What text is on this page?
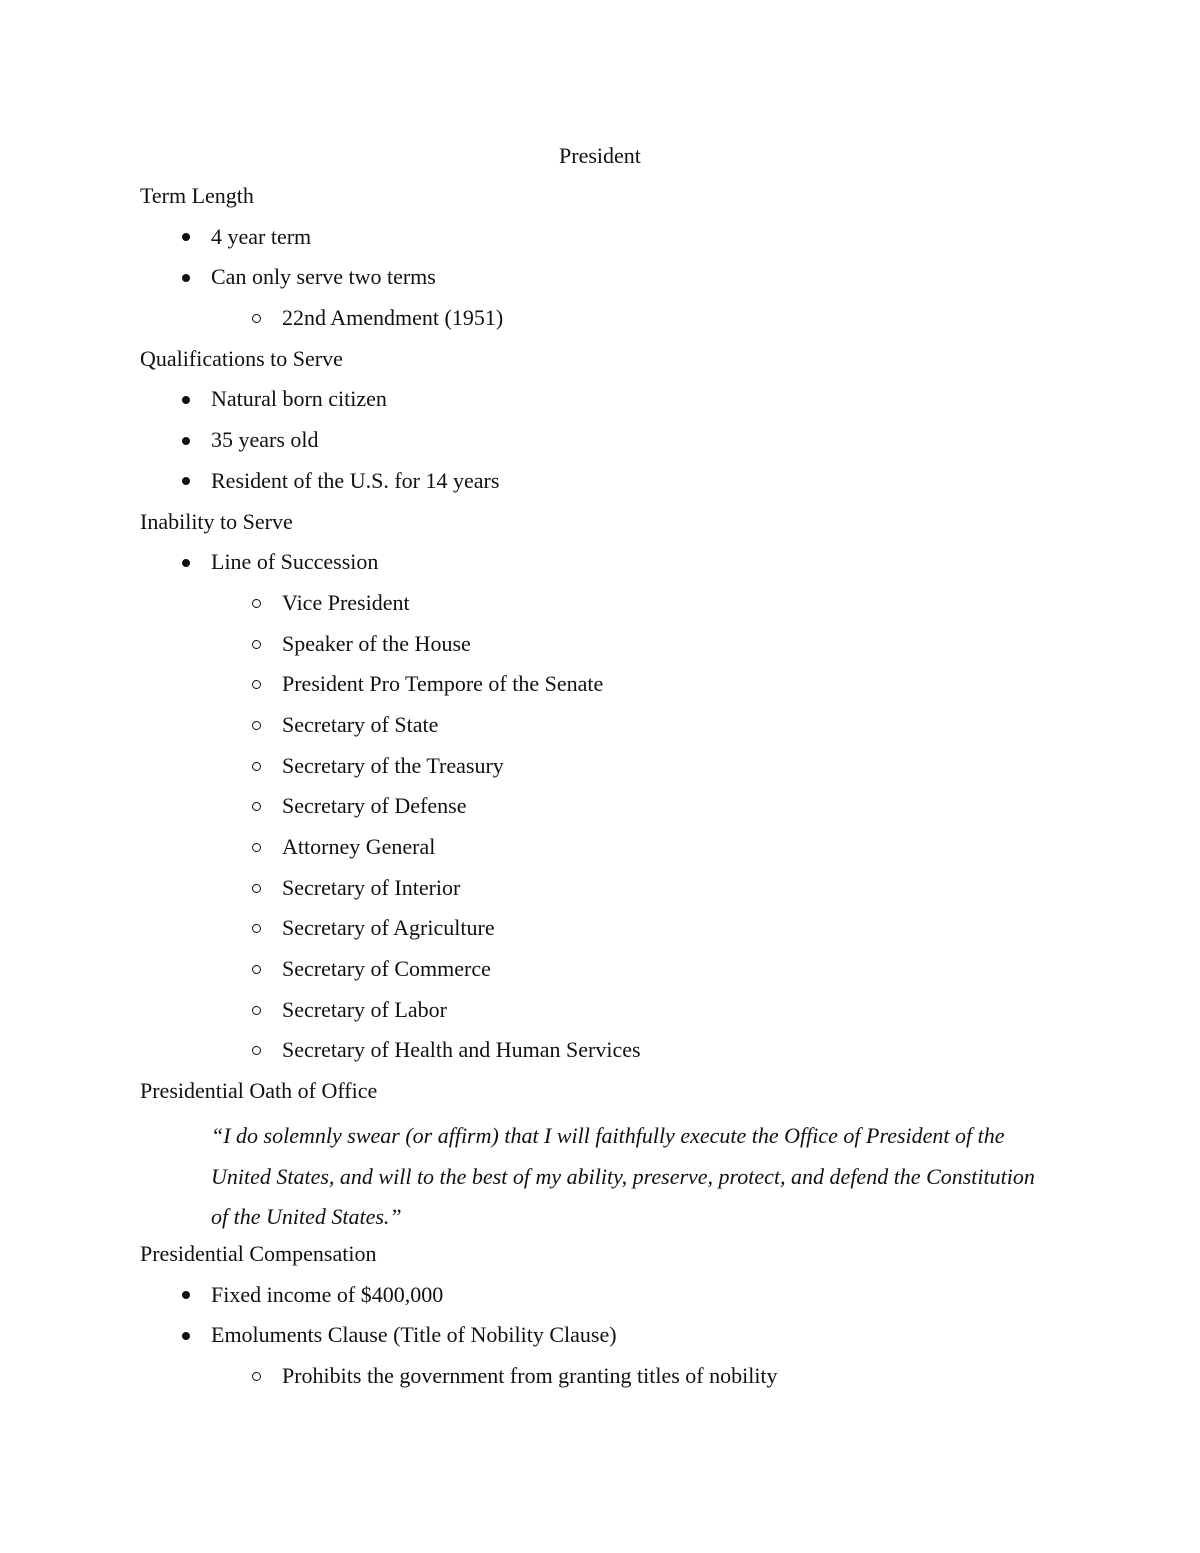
President
Term Length
4 year term
Can only serve two terms
22nd Amendment (1951)
Qualifications to Serve
Natural born citizen
35 years old
Resident of the U.S. for 14 years
Inability to Serve
Line of Succession
Vice President
Speaker of the House
President Pro Tempore of the Senate
Secretary of State
Secretary of the Treasury
Secretary of Defense
Attorney General
Secretary of Interior
Secretary of Agriculture
Secretary of Commerce
Secretary of Labor
Secretary of Health and Human Services
Presidential Oath of Office
“I do solemnly swear (or affirm) that I will faithfully execute the Office of President of the United States, and will to the best of my ability, preserve, protect, and defend the Constitution of the United States.”
Presidential Compensation
Fixed income of $400,000
Emoluments Clause (Title of Nobility Clause)
Prohibits the government from granting titles of nobility
